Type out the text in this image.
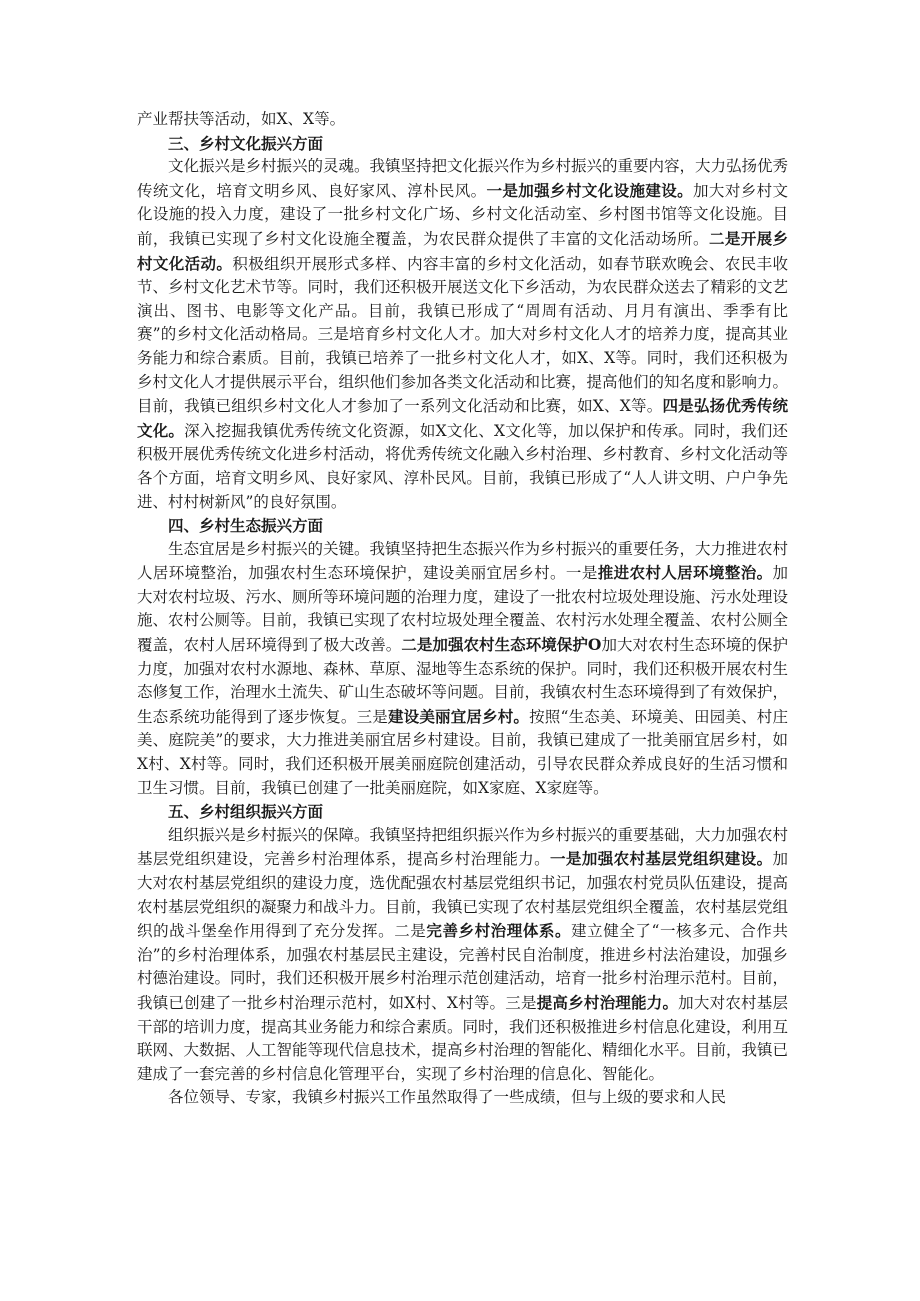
产业帮扶等活动，如X、X等。

三、乡村文化振兴方面

文化振兴是乡村振兴的灵魂。我镇坚持把文化振兴作为乡村振兴的重要内容，大力弘扬优秀传统文化，培育文明乡风、良好家风、淳朴民风。一是加强乡村文化设施建设。加大对乡村文化设施的投入力度，建设了一批乡村文化广场、乡村文化活动室、乡村图书馆等文化设施。目前，我镇已实现了乡村文化设施全覆盖，为农民群众提供了丰富的文化活动场所。二是开展乡村文化活动。积极组织开展形式多样、内容丰富的乡村文化活动，如春节联欢晚会、农民丰收节、乡村文化艺术节等。同时，我们还积极开展送文化下乡活动，为农民群众送去了精彩的文艺演出、图书、电影等文化产品。目前，我镇已形成了“周周有活动、月月有演出、季季有比赛”的乡村文化活动格局。三是培育乡村文化人才。加大对乡村文化人才的培养力度，提高其业务能力和综合素质。目前，我镇已培养了一批乡村文化人才，如X、X等。同时，我们还积极为乡村文化人才提供展示平台，组织他们参加各类文化活动和比赛，提高他们的知名度和影响力。目前，我镇已组织乡村文化人才参加了一系列文化活动和比赛，如X、X等。四是弘扬优秀传统文化。深入挖掘我镇优秀传统文化资源，如X文化、X文化等，加以保护和传承。同时，我们还积极开展优秀传统文化进乡村活动，将优秀传统文化融入乡村治理、乡村教育、乡村文化活动等各个方面，培育文明乡风、良好家风、淳朴民风。目前，我镇已形成了“人人讲文明、户户争先进、村村树新风”的良好氛围。

四、乡村生态振兴方面

生态宜居是乡村振兴的关键。我镇坚持把生态振兴作为乡村振兴的重要任务，大力推进农村人居环境整治，加强农村生态环境保护，建设美丽宜居乡村。一是推进农村人居环境整治。加大对农村垃圾、污水、厕所等环境问题的治理力度，建设了一批农村垃圾处理设施、污水处理设施、农村公厕等。目前，我镇已实现了农村垃圾处理全覆盖、农村污水处理全覆盖、农村公厕全覆盖，农村人居环境得到了极大改善。二是加强农村生态环境保护O加大对农村生态环境的保护力度，加强对农村水源地、森林、草原、湿地等生态系统的保护。同时，我们还积极开展农村生态修复工作，治理水土流失、矿山生态破坏等问题。目前，我镇农村生态环境得到了有效保护，生态系统功能得到了逐步恢复。三是建设美丽宜居乡村。按照“生态美、环境美、田园美、村庄美、庭院美”的要求，大力推进美丽宜居乡村建设。目前，我镇已建成了一批美丽宜居乡村，如X村、X村等。同时，我们还积极开展美丽庭院创建活动，引导农民群众养成良好的生活习惯和卫生习惯。目前，我镇已创建了一批美丽庭院，如X家庭、X家庭等。

五、乡村组织振兴方面

组织振兴是乡村振兴的保障。我镇坚持把组织振兴作为乡村振兴的重要基础，大力加强农村基层党组织建设，完善乡村治理体系，提高乡村治理能力。一是加强农村基层党组织建设。加大对农村基层党组织的建设力度，选优配强农村基层党组织书记，加强农村党员队伍建设，提高农村基层党组织的凝聚力和战斗力。目前，我镇已实现了农村基层党组织全覆盖，农村基层党组织的战斗堡垒作用得到了充分发挥。二是完善乡村治理体系。建立健全了“一核多元、合作共治”的乡村治理体系，加强农村基层民主建设，完善村民自治制度，推进乡村法治建设，加强乡村德治建设。同时，我们还积极开展乡村治理示范创建活动，培育一批乡村治理示范村。目前，我镇已创建了一批乡村治理示范村，如X村、X村等。三是提高乡村治理能力。加大对农村基层干部的培训力度，提高其业务能力和综合素质。同时，我们还积极推进乡村信息化建设，利用互联网、大数据、人工智能等现代信息技术，提高乡村治理的智能化、精细化水平。目前，我镇已建成了一套完善的乡村信息化管理平台，实现了乡村治理的信息化、智能化。

各位领导、专家，我镇乡村振兴工作虽然取得了一些成绩，但与上级的要求和人民
